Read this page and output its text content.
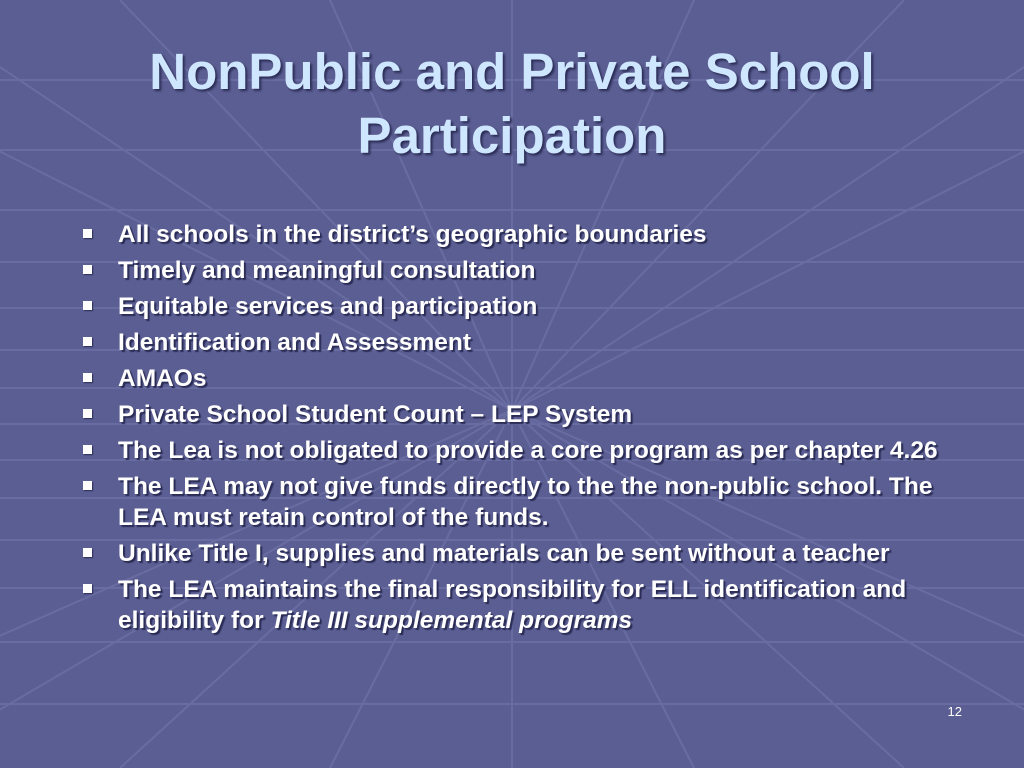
NonPublic and Private School
Participation
All schools in the district’s geographic boundaries
Timely and meaningful consultation
Equitable services and participation
Identification and Assessment
AMAOs
Private School Student Count – LEP System
The Lea is not obligated to provide a core program as per chapter 4.26
The LEA may not give funds directly to the the non-public school. The LEA must retain control of the funds.
Unlike Title I, supplies and materials can be sent without a teacher
The LEA maintains the final responsibility for ELL identification and eligibility for Title III supplemental programs
12
